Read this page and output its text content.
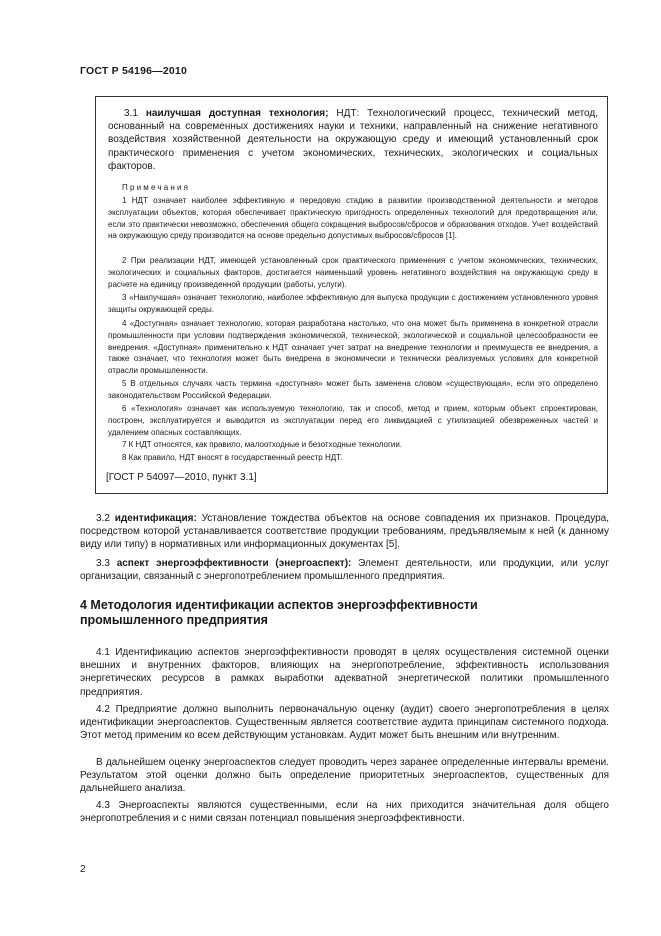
ГОСТ Р 54196—2010
3.1 наилучшая доступная технология; НДТ: Технологический процесс, технический метод, основанный на современных достижениях науки и техники, направленный на снижение негативного воздействия хозяйственной деятельности на окружающую среду и имеющий установленный срок практического применения с учетом экономических, технических, экологических и социальных факторов.
Примечания
1 НДТ означает наиболее эффективную и передовую стадию в развитии производственной деятельности и методов эксплуатации объектов, которая обеспечивает практическую пригодность определенных технологий для предотвращения или, если это практически невозможно, обеспечения общего сокращения выбросов/сбросов и образования отходов. Учет воздействий на окружающую среду производится на основе предельно допустимых выбросов/сбросов [1].
2 При реализации НДТ, имеющей установленный срок практического применения с учетом экономических, технических, экологических и социальных факторов, достигается наименьший уровень негативного воздействия на окружающую среду в расчете на единицу произведенной продукции (работы, услуги).
3 «Наилучшая» означает технологию, наиболее эффективную для выпуска продукции с достижением установленного уровня защиты окружающей среды.
4 «Доступная» означает технологию, которая разработана настолько, что она может быть применена в конкретной отрасли промышленности при условии подтверждения экономической, технической, экологической и социальной целесообразности ее внедрения. «Доступная» применительно к НДТ означает учет затрат на внедрение технологии и преимуществ ее внедрения, а также означает, что технология может быть внедрена в экономически и технически реализуемых условиях для конкретной отрасли промышленности.
5 В отдельных случаях часть термина «доступная» может быть заменена словом «существующая», если это определено законодательством Российской Федерации.
6 «Технология» означает как используемую технологию, так и способ, метод и прием, которым объект спроектирован, построен, эксплуатируется и выводится из эксплуатации перед его ликвидацией с утилизацией обезвреженных частей и удалением опасных составляющих.
7 К НДТ относятся, как правило, малоотходные и безотходные технологии.
8 Как правило, НДТ вносят в государственный реестр НДТ.
[ГОСТ Р 54097—2010, пункт 3.1]
3.2 идентификация: Установление тождества объектов на основе совпадения их признаков. Процедура, посредством которой устанавливается соответствие продукции требованиям, предъявляемым к ней (к данному виду или типу) в нормативных или информационных документах [5].
3.3 аспект энергоэффективности (энергоаспект): Элемент деятельности, или продукции, или услуг организации, связанный с энергопотреблением промышленного предприятия.
4 Методология идентификации аспектов энергоэффективности промышленного предприятия
4.1 Идентификацию аспектов энергоэффективности проводят в целях осуществления системной оценки внешних и внутренних факторов, влияющих на энергопотребление, эффективность использования энергетических ресурсов в рамках выработки адекватной энергетической политики промышленного предприятия.
4.2 Предприятие должно выполнить первоначальную оценку (аудит) своего энергопотребления в целях идентификации энергоаспектов. Существенным является соответствие аудита принципам системного подхода. Этот метод применим ко всем действующим установкам. Аудит может быть внешним или внутренним.
В дальнейшем оценку энергоаспектов следует проводить через заранее определенные интервалы времени. Результатом этой оценки должно быть определение приоритетных энергоаспектов, существенных для дальнейшего анализа.
4.3 Энергоаспекты являются существенными, если на них приходится значительная доля общего энергопотребления и с ними связан потенциал повышения энергоэффективности.
2
